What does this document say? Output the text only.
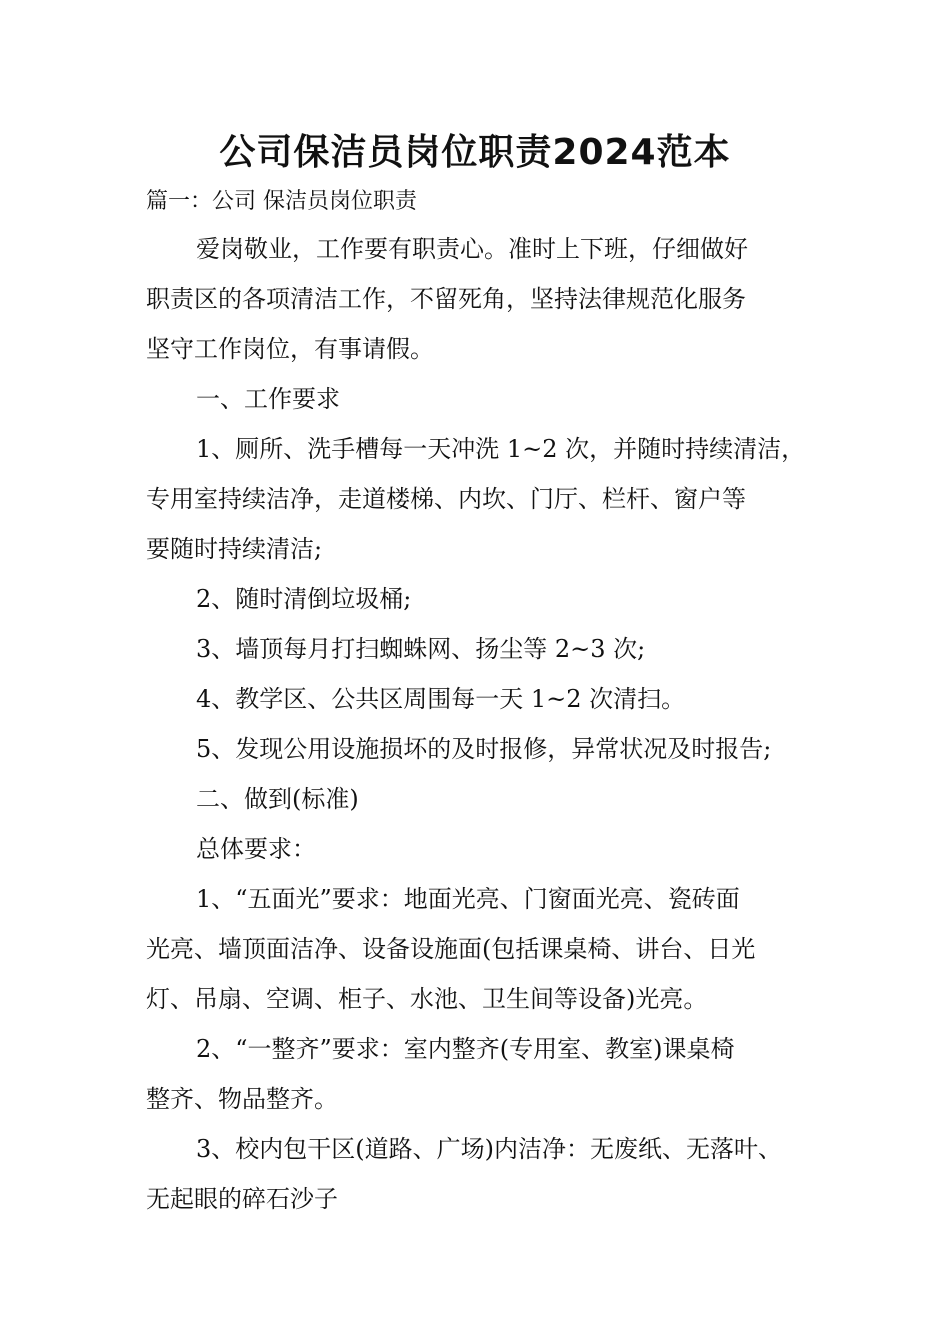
公司保洁员岗位职责2024范本
篇一：公司 保洁员岗位职责
爱岗敬业，工作要有职责心。准时上下班，仔细做好
职责区的各项清洁工作，不留死角，坚持法律规范化服务
坚守工作岗位，有事请假。
一、工作要求
1、厕所、洗手槽每一天冲洗 1~2 次，并随时持续清洁，
专用室持续洁净，走道楼梯、内坎、门厅、栏杆、窗户等
要随时持续清洁;
2、随时清倒垃圾桶;
3、墙顶每月打扫蜘蛛网、扬尘等 2~3 次;
4、教学区、公共区周围每一天 1~2 次清扫。
5、发现公用设施损坏的及时报修，异常状况及时报告;
二、做到(标准)
总体要求：
1、“五面光”要求：地面光亮、门窗面光亮、瓷砖面
光亮、墙顶面洁净、设备设施面(包括课桌椅、讲台、日光
灯、吊扇、空调、柜子、水池、卫生间等设备)光亮。
2、“一整齐”要求：室内整齐(专用室、教室)课桌椅
整齐、物品整齐。
3、校内包干区(道路、广场)内洁净：无废纸、无落叶、
无起眼的碎石沙子
